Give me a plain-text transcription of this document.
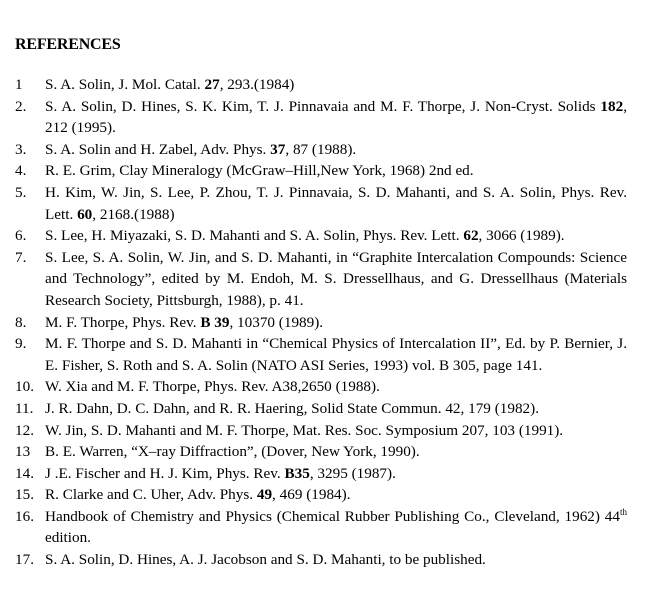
REFERENCES
1	S. A. Solin, J. Mol. Catal. 27, 293.(1984)
2.	S. A. Solin, D. Hines, S. K. Kim, T. J. Pinnavaia and M. F. Thorpe, J. Non-Cryst. Solids 182, 212 (1995).
3.	S. A. Solin and H. Zabel, Adv. Phys. 37, 87 (1988).
4.	R. E. Grim, Clay Mineralogy (McGraw–Hill,New York, 1968) 2nd ed.
5.	H. Kim, W. Jin, S. Lee, P. Zhou, T. J. Pinnavaia, S. D. Mahanti, and S. A. Solin, Phys. Rev. Lett. 60, 2168.(1988)
6.	S. Lee, H. Miyazaki, S. D. Mahanti and S. A. Solin, Phys. Rev. Lett. 62, 3066 (1989).
7.	S. Lee, S. A. Solin, W. Jin, and S. D. Mahanti, in “Graphite Intercalation Compounds: Science and Technology”, edited by M. Endoh, M. S. Dressellhaus, and G. Dressellhaus (Materials Research Society, Pittsburgh, 1988), p. 41.
8.	M. F. Thorpe, Phys. Rev. B 39, 10370 (1989).
9.	M. F. Thorpe and S. D. Mahanti in “Chemical Physics of Intercalation II”, Ed. by P. Bernier, J. E. Fisher, S. Roth and S. A. Solin (NATO ASI Series, 1993) vol. B 305, page 141.
10. W. Xia and M. F. Thorpe, Phys. Rev. A38,2650 (1988).
11. J. R. Dahn, D. C. Dahn, and R. R. Haering, Solid State Commun. 42, 179 (1982).
12. W. Jin, S. D. Mahanti and M. F. Thorpe, Mat. Res. Soc. Symposium 207, 103 (1991).
13 B. E. Warren, “X–ray Diffraction”, (Dover, New York, 1990).
14. J .E. Fischer and H. J. Kim, Phys. Rev. B35, 3295 (1987).
15. R. Clarke and C. Uher, Adv. Phys. 49, 469 (1984).
16. Handbook of Chemistry and Physics (Chemical Rubber Publishing Co., Cleveland, 1962) 44th edition.
17. S. A. Solin, D. Hines, A. J. Jacobson and S. D. Mahanti, to be published.
